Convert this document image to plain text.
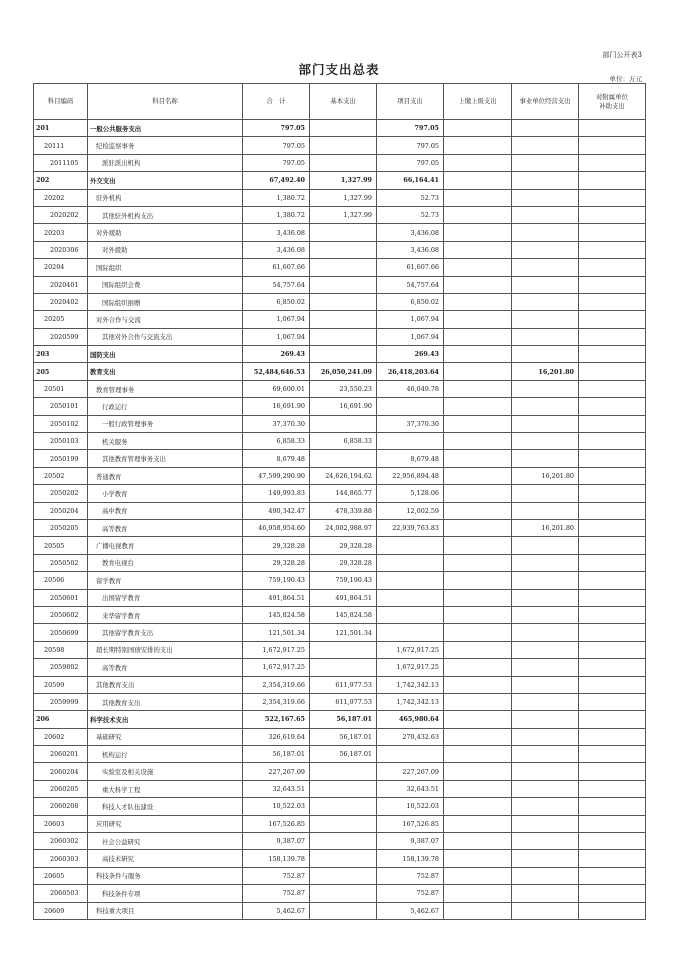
部门公开表3
部门支出总表
单位：万元
科目编码	科目名称	合　计	基本支出	项目支出	上缴上级支出	事业单位经营支出	对附属单位
补助支出
201	一般公共服务支出	797.05		797.05			
20111	纪检监察事务	797.05		797.05			
2011105	派驻派出机构	797.05		797.05			
202	外交支出	67,492.40	1,327.99	66,164.41			
20202	驻外机构	1,380.72	1,327.99	52.73			
2020202	其他驻外机构支出	1,380.72	1,327.99	52.73			
20203	对外援助	3,436.08		3,436.08			
2020306	对外援助	3,436.08		3,436.08			
20204	国际组织	61,607.66		61,607.66			
2020401	国际组织会费	54,757.64		54,757.64			
2020402	国际组织捐赠	6,850.02		6,850.02			
20205	对外合作与交流	1,067.94		1,067.94			
2020599	其他对外合作与交流支出	1,067.94		1,067.94			
203	国防支出	269.43		269.43			
205	教育支出	52,484,646.53	26,050,241.09	26,418,203.64		16,201.80	
20501	教育管理事务	69,600.01	23,550.23	46,049.78			
2050101	行政运行	16,691.90	16,691.90				
2050102	一般行政管理事务	37,370.30		37,370.30			
2050103	机关服务	6,858.33	6,858.33				
2050199	其他教育管理事务支出	8,679.48		8,679.48			
20502	普通教育	47,599,290.90	24,626,194.62	22,956,894.48		16,201.80	
2050202	小学教育	149,993.83	144,865.77	5,128.06			
2050204	高中教育	490,342.47	478,339.88	12,002.59			
2050205	高等教育	46,958,954.60	24,002,988.97	22,939,763.83		16,201.80	
20505	广播电视教育	29,328.28	29,328.28				
2050502	教育电视台	29,328.28	29,328.28				
20506	留学教育	759,190.43	759,190.43				
2050601	出国留学教育	491,864.51	491,864.51				
2050602	来华留学教育	145,824.58	145,824.58				
2050699	其他留学教育支出	121,501.34	121,501.34				
20598	超长期特别国债安排的支出	1,672,917.25		1,672,917.25			
2059802	高等教育	1,672,917.25		1,672,917.25			
20599	其他教育支出	2,354,319.66	611,977.53	1,742,342.13			
2059999	其他教育支出	2,354,319.66	611,977.53	1,742,342.13			
206	科学技术支出	522,167.65	56,187.01	465,980.64			
20602	基础研究	326,619.64	56,187.01	270,432.63			
2060201	机构运行	56,187.01	56,187.01				
2060204	实验室及相关设施	227,267.09		227,267.09			
2060205	重大科学工程	32,643.51		32,643.51			
2060208	科技人才队伍建设	10,522.03		10,522.03			
20603	应用研究	167,526.85		167,526.85			
2060302	社会公益研究	9,387.07		9,387.07			
2060303	高技术研究	158,139.78		158,139.78			
20605	科技条件与服务	752.87		752.87			
2060503	科技条件专项	752.87		752.87			
20609	科技重大项目	5,462.67		5,462.67			
